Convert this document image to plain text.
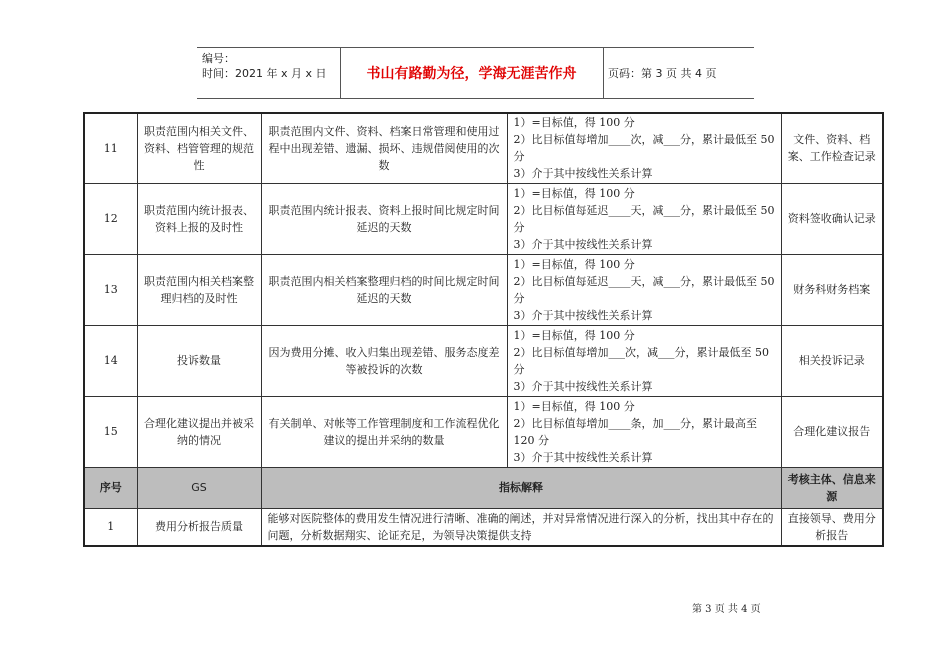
编号：
时间：2021 年 x 月 x 日	书山有路勤为径，学海无涯苦作舟	页码：第 3 页 共 4 页
11	职责范围内相关文件、资料、档管管理的规范性	职责范围内文件、资料、档案日常管理和使用过程中出现差错、遗漏、损坏、违规借阅使用的次数	1）=目标值，得 100 分
2）比目标值每增加____次，减___分，累计最低至 50 分
3）介于其中按线性关系计算	文件、资料、档案、工作检查记录
12	职责范围内统计报表、资料上报的及时性	职责范围内统计报表、资料上报时间比规定时间延迟的天数	1）=目标值，得 100 分
2）比目标值每延迟____天，减___分，累计最低至 50 分
3）介于其中按线性关系计算	资料签收确认记录
13	职责范围内相关档案整理归档的及时性	职责范围内相关档案整理归档的时间比规定时间延迟的天数	1）=目标值，得 100 分
2）比目标值每延迟____天，减___分，累计最低至 50 分
3）介于其中按线性关系计算	财务科财务档案
14	投诉数量	因为费用分摊、收入归集出现差错、服务态度差等被投诉的次数	1）=目标值，得 100 分
2）比目标值每增加___次，减___分，累计最低至 50 分
3）介于其中按线性关系计算	相关投诉记录
15	合理化建议提出并被采纳的情况	有关制单、对帐等工作管理制度和工作流程优化建议的提出并采纳的数量	1）=目标值，得 100 分
2）比目标值每增加____条，加___分，累计最高至 120 分
3）介于其中按线性关系计算	合理化建议报告
序号	GS	指标解释		考核主体、信息来源
1	费用分析报告质量	能够对医院整体的费用发生情况进行清晰、准确的阐述，并对异常情况进行深入的分析，找出其中存在的问题，分析数据翔实、论证充足，为领导决策提供支持		直接领导、费用分析报告
第 3 页 共 4 页
